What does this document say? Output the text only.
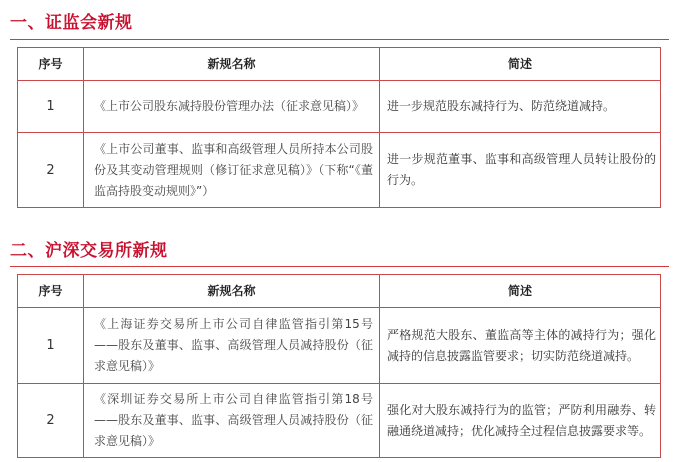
一、证监会新规
序号	新规名称	简述
1	《上市公司股东减持股份管理办法（征求意见稿）》	进一步规范股东减持行为、防范绕道减持。
2	《上市公司董事、监事和高级管理人员所持本公司股份及其变动管理规则（修订征求意见稿）》（下称“《董监高持股变动规则》”）	进一步规范董事、监事和高级管理人员转让股份的行为。
二、沪深交易所新规
序号	新规名称	简述
1	《上海证券交易所上市公司自律监管指引第15号——股东及董事、监事、高级管理人员减持股份（征求意见稿）》	严格规范大股东、董监高等主体的减持行为；强化减持的信息披露监管要求；切实防范绕道减持。
2	《深圳证券交易所上市公司自律监管指引第18号——股东及董事、监事、高级管理人员减持股份（征求意见稿）》	强化对大股东减持行为的监管；严防利用融券、转融通绕道减持；优化减持全过程信息披露要求等。
